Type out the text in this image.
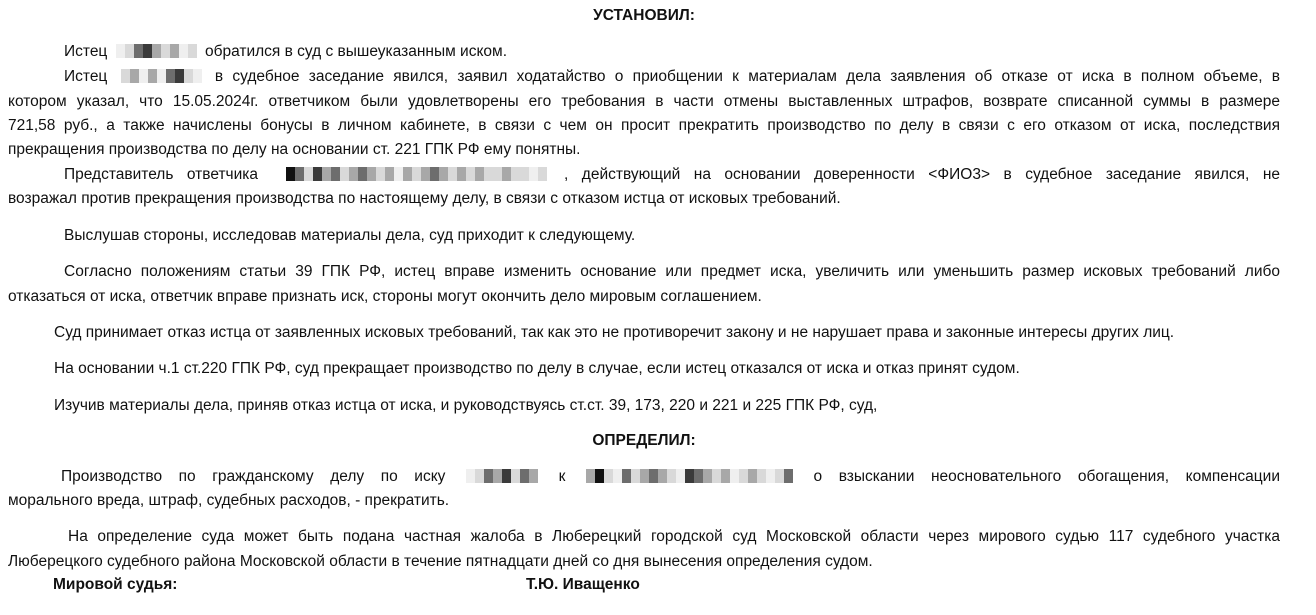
УСТАНОВИЛ:
Истец	обратился в суд с вышеуказанным иском.
Истец	в судебное заседание явился, заявил ходатайство о приобщении к материалам дела заявления об отказе от иска в полном объеме, в
котором указал, что 15.05.2024г. ответчиком были удовлетворены его требования в части отмены выставленных штрафов, возврате списанной суммы в размере
721,58 руб., а также начислены бонусы в личном кабинете, в связи с чем он просит прекратить производство по делу в связи с его отказом от иска, последствия
прекращения производства по делу на основании ст. 221 ГПК РФ ему понятны.
Представитель ответчика	, действующий на основании доверенности <ФИО3> в судебное заседание явился, не
возражал против прекращения производства по настоящему делу, в связи с отказом истца от исковых требований.
Выслушав стороны, исследовав материалы дела, суд приходит к следующему.
Согласно положениям статьи 39 ГПК РФ, истец вправе изменить основание или предмет иска, увеличить или уменьшить размер исковых требований либо
отказаться от иска, ответчик вправе признать иск, стороны могут окончить дело мировым соглашением.
Суд принимает отказ истца от заявленных исковых требований, так как это не противоречит закону и не нарушает права и законные интересы других лиц.
На основании ч.1 ст.220 ГПК РФ, суд прекращает производство по делу в случае, если истец отказался от иска и отказ принят судом.
Изучив материалы дела, приняв отказ истца от иска, и руководствуясь ст.ст. 39, 173, 220 и 221 и 225 ГПК РФ, суд,
ОПРЕДЕЛИЛ:
Производство по гражданскому делу по иску	к	о взыскании неосновательного обогащения, компенсации
морального вреда, штраф, судебных расходов, - прекратить.
На определение суда может быть подана частная жалоба в Люберецкий городской суд Московской области через мирового судью 117 судебного участка
Люберецкого судебного района Московской области в течение пятнадцати дней со дня вынесения определения судом.
Мировой судья:	Т.Ю. Иващенко
